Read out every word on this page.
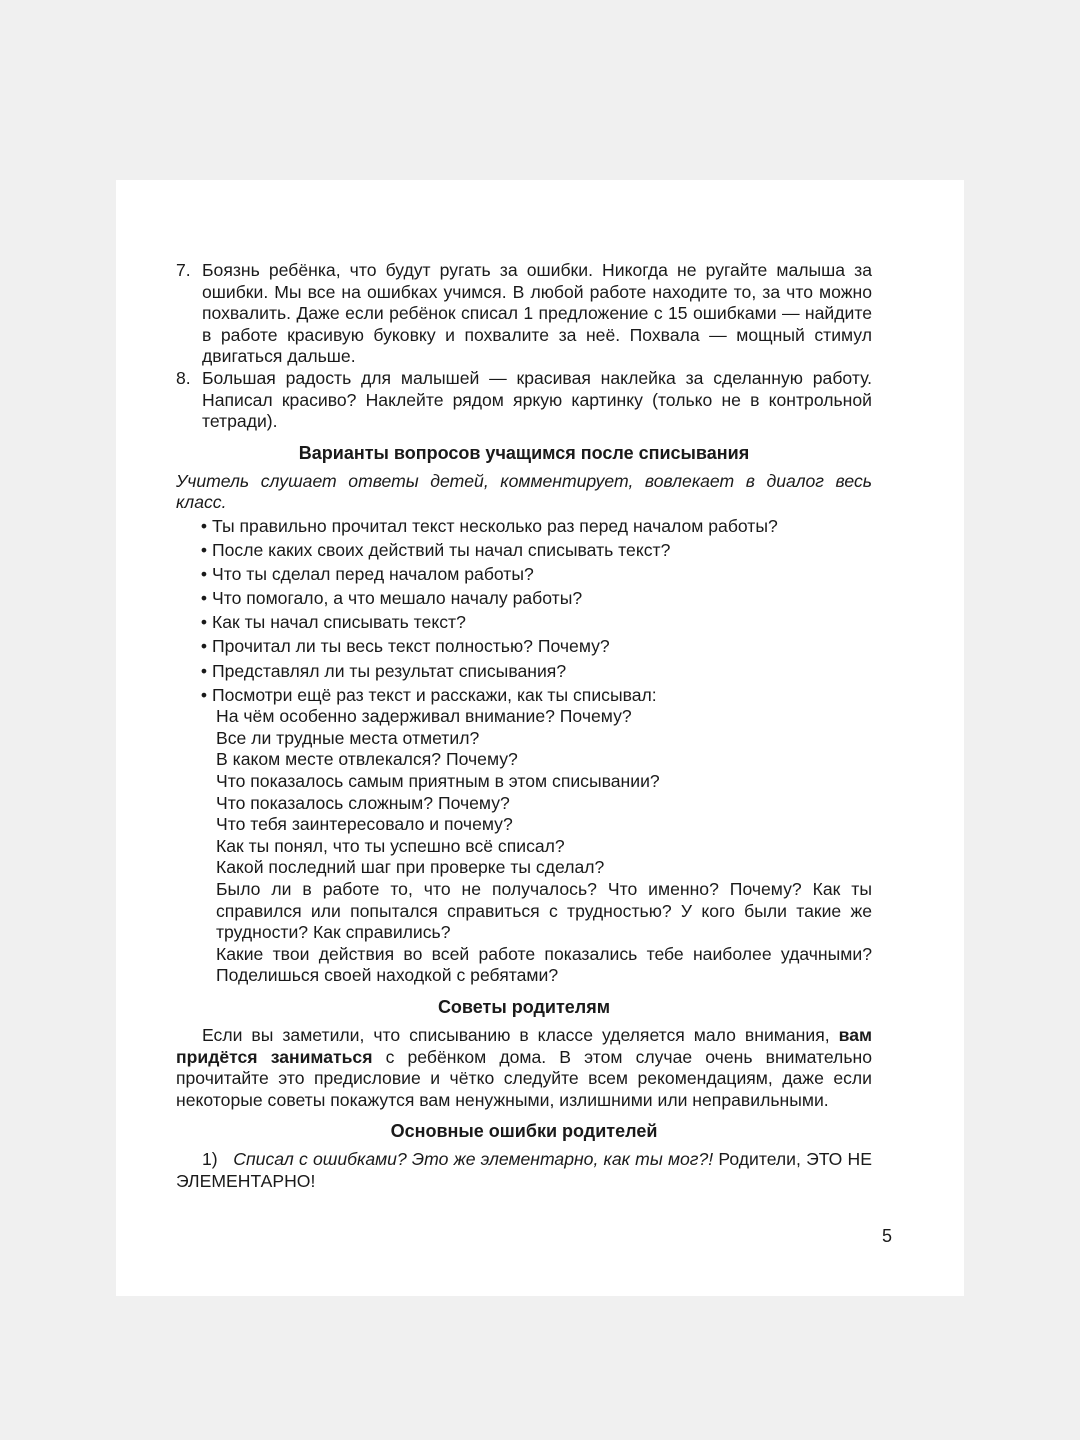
7. Боязнь ребёнка, что будут ругать за ошибки. Никогда не ругайте малыша за ошибки. Мы все на ошибках учимся. В любой работе находите то, за что можно похвалить. Даже если ребёнок списал 1 предложение с 15 ошибками — найдите в работе красивую буковку и похвалите за неё. Похвала — мощный стимул двигаться дальше.
8. Большая радость для малышей — красивая наклейка за сделанную работу. Написал красиво? Наклейте рядом яркую картинку (только не в контрольной тетради).
Варианты вопросов учащимся после списывания
Учитель слушает ответы детей, комментирует, вовлекает в диалог весь класс.
• Ты правильно прочитал текст несколько раз перед началом работы?
• После каких своих действий ты начал списывать текст?
• Что ты сделал перед началом работы?
• Что помогало, а что мешало началу работы?
• Как ты начал списывать текст?
• Прочитал ли ты весь текст полностью? Почему?
• Представлял ли ты результат списывания?
• Посмотри ещё раз текст и расскажи, как ты списывал:
На чём особенно задерживал внимание? Почему?
Все ли трудные места отметил?
В каком месте отвлекался? Почему?
Что показалось самым приятным в этом списывании?
Что показалось сложным? Почему?
Что тебя заинтересовало и почему?
Как ты понял, что ты успешно всё списал?
Какой последний шаг при проверке ты сделал?
Было ли в работе то, что не получалось? Что именно? Почему? Как ты справился или попытался справиться с трудностью? У кого были такие же трудности? Как справились?
Какие твои действия во всей работе показались тебе наиболее удачными? Поделишься своей находкой с ребятами?
Советы родителям
Если вы заметили, что списыванию в классе уделяется мало внимания, вам придётся заниматься с ребёнком дома. В этом случае очень внимательно прочитайте это предисловие и чётко следуйте всем рекомендациям, даже если некоторые советы покажутся вам ненужными, излишними или неправильными.
Основные ошибки родителей
1) Списал с ошибками? Это же элементарно, как ты мог?! Родители, ЭТО НЕ ЭЛЕМЕНТАРНО!
5
